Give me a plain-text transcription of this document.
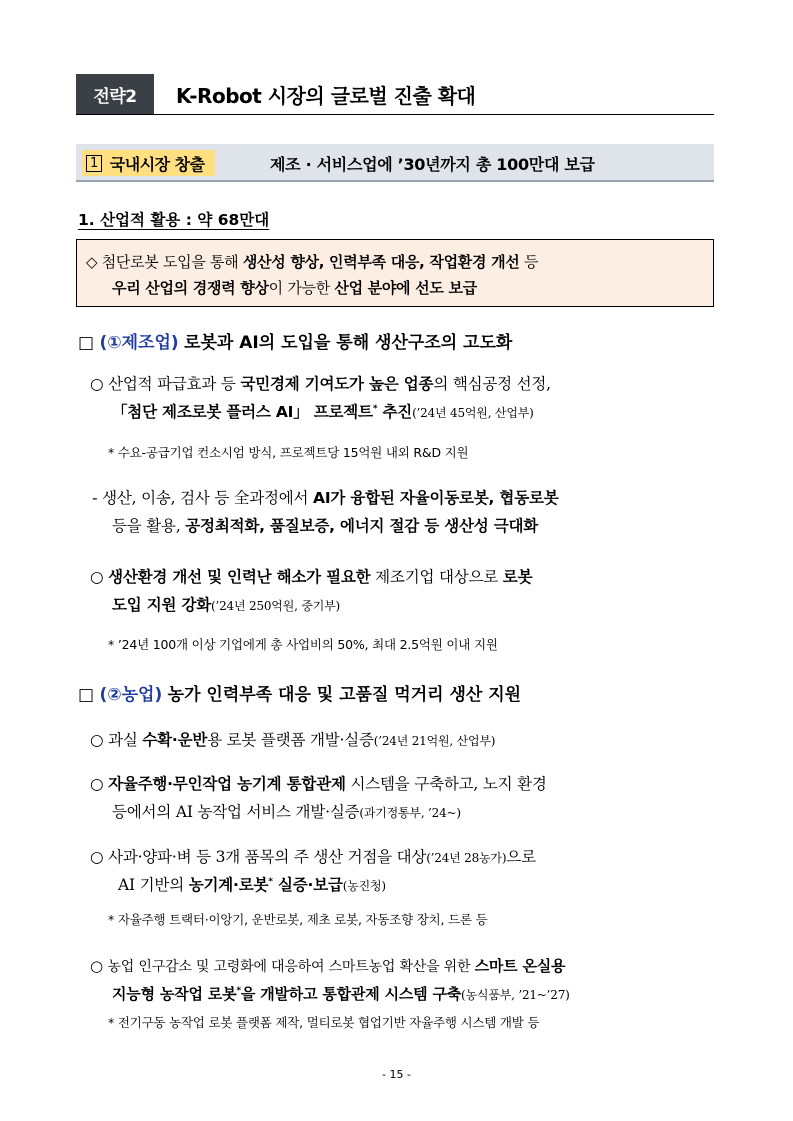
전략2 K-Robot 시장의 글로벌 진출 확대
1 국내시장 창출	제조 · 서비스업에 ’30년까지 총 100만대 보급
1. 산업적 활용 : 약 68만대
◇ 첨단로봇 도입을 통해 생산성 향상, 인력부족 대응, 작업환경 개선 등
우리 산업의 경쟁력 향상이 가능한 산업 분야에 선도 보급
□ (①제조업) 로봇과 AI의 도입을 통해 생산구조의 고도화
○ 산업적 파급효과 등 국민경제 기여도가 높은 업종의 핵심공정 선정,
「첨단 제조로봇 플러스 AI」 프로젝트* 추진(’24년 45억원, 산업부)
* 수요-공급기업 컨소시엄 방식, 프로젝트당 15억원 내외 R&D 지원
- 생산, 이송, 검사 등 全과정에서 AI가 융합된 자율이동로봇, 협동로봇
등을 활용, 공정최적화, 품질보증, 에너지 절감 등 생산성 극대화
○ 생산환경 개선 및 인력난 해소가 필요한 제조기업 대상으로 로봇
도입 지원 강화(’24년 250억원, 중기부)
* ’24년 100개 이상 기업에게 총 사업비의 50%, 최대 2.5억원 이내 지원
□ (②농업) 농가 인력부족 대응 및 고품질 먹거리 생산 지원
○ 과실 수확·운반용 로봇 플랫폼 개발·실증(’24년 21억원, 산업부)
○ 자율주행·무인작업 농기계 통합관제 시스템을 구축하고, 노지 환경
등에서의 AI 농작업 서비스 개발·실증(과기정통부, ’24~)
○ 사과·양파·벼 등 3개 품목의 주 생산 거점을 대상(’24년 28농가)으로
AI 기반의 농기계·로봇* 실증·보급(농진청)
* 자율주행 트랙터·이앙기, 운반로봇, 제초 로봇, 자동조향 장치, 드론 등
○ 농업 인구감소 및 고령화에 대응하여 스마트농업 확산을 위한 스마트 온실용
지능형 농작업 로봇*을 개발하고 통합관제 시스템 구축(농식품부, ’21~’27)
* 전기구동 농작업 로봇 플랫폼 제작, 멀티로봇 협업기반 자율주행 시스템 개발 등
- 15 -
